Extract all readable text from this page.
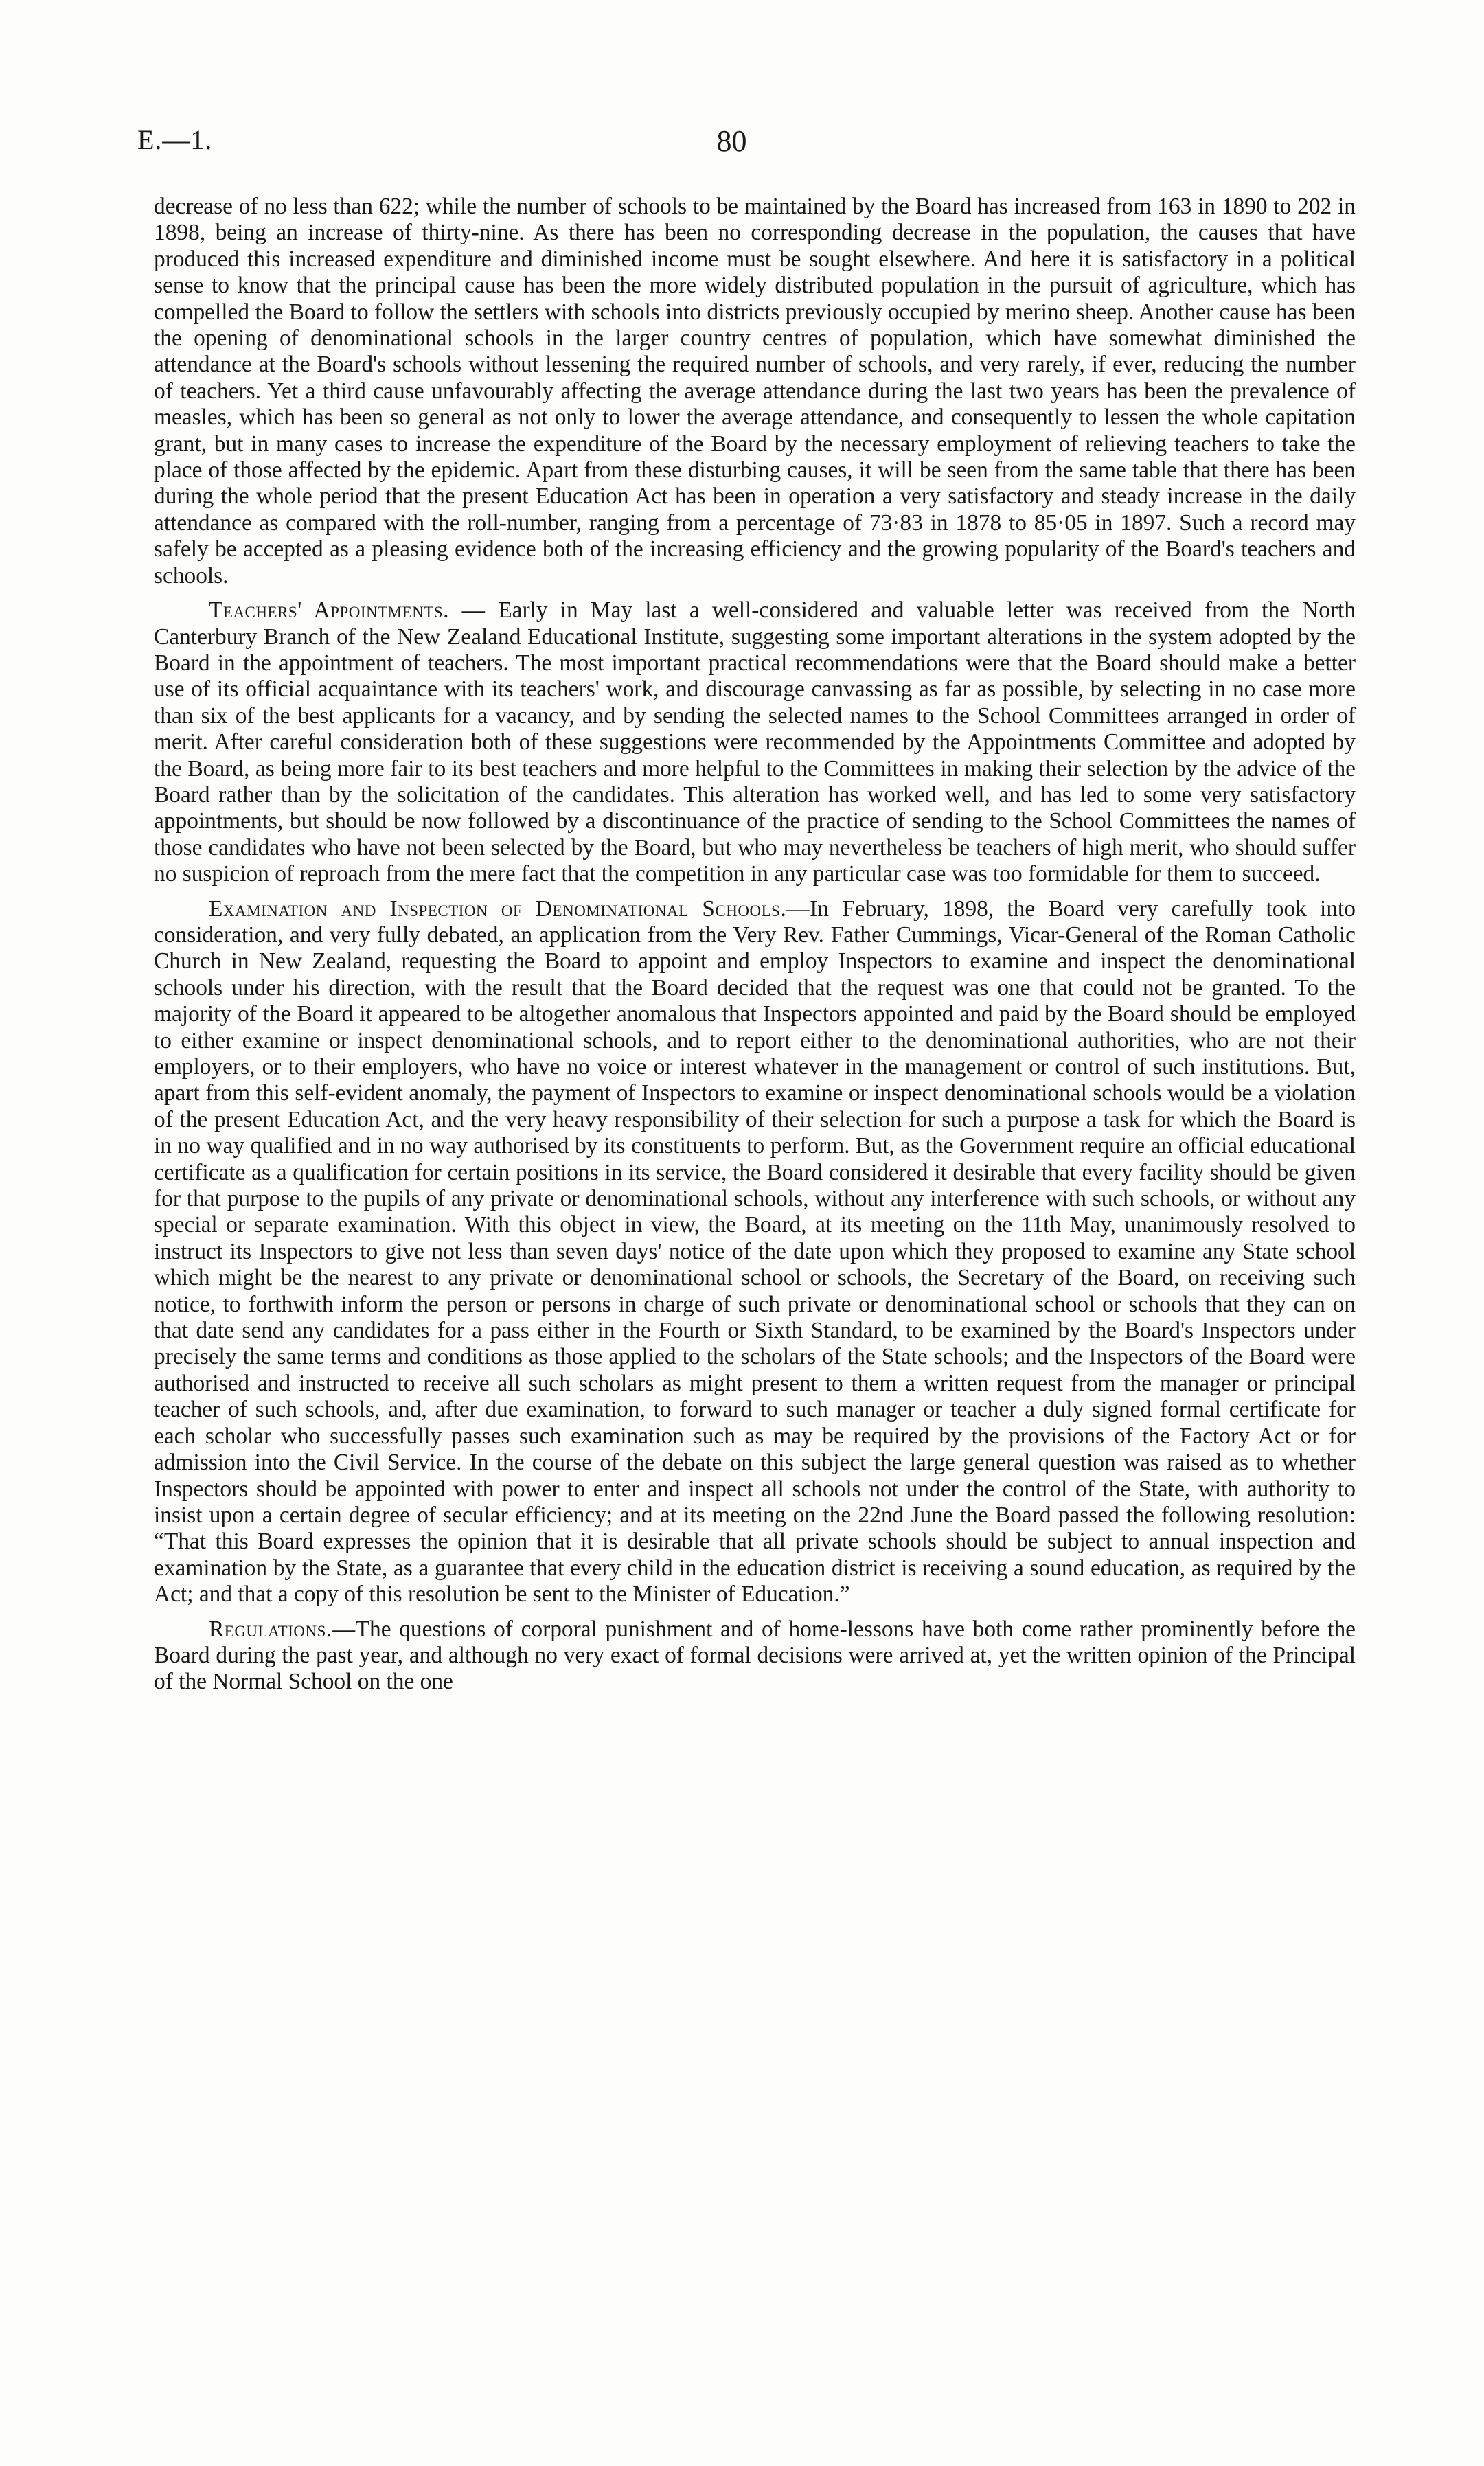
E.—1.	80

decrease of no less than 622; while the number of schools to be maintained by the Board has increased from 163 in 1890 to 202 in 1898, being an increase of thirty-nine. As there has been no corresponding decrease in the population, the causes that have produced this increased expenditure and diminished income must be sought elsewhere. And here it is satisfactory in a political sense to know that the principal cause has been the more widely distributed population in the pursuit of agriculture, which has compelled the Board to follow the settlers with schools into districts previously occupied by merino sheep. Another cause has been the opening of denominational schools in the larger country centres of population, which have somewhat diminished the attendance at the Board's schools without lessening the required number of schools, and very rarely, if ever, reducing the number of teachers. Yet a third cause unfavourably affecting the average attendance during the last two years has been the prevalence of measles, which has been so general as not only to lower the average attendance, and consequently to lessen the whole capitation grant, but in many cases to increase the expenditure of the Board by the necessary employment of relieving teachers to take the place of those affected by the epidemic. Apart from these disturbing causes, it will be seen from the same table that there has been during the whole period that the present Education Act has been in operation a very satisfactory and steady increase in the daily attendance as compared with the roll-number, ranging from a percentage of 73·83 in 1878 to 85·05 in 1897. Such a record may safely be accepted as a pleasing evidence both of the increasing efficiency and the growing popularity of the Board's teachers and schools.

Teachers' Appointments. — Early in May last a well-considered and valuable letter was received from the North Canterbury Branch of the New Zealand Educational Institute, suggesting some important alterations in the system adopted by the Board in the appointment of teachers. The most important practical recommendations were that the Board should make a better use of its official acquaintance with its teachers' work, and discourage canvassing as far as possible, by selecting in no case more than six of the best applicants for a vacancy, and by sending the selected names to the School Committees arranged in order of merit. After careful consideration both of these suggestions were recommended by the Appointments Committee and adopted by the Board, as being more fair to its best teachers and more helpful to the Committees in making their selection by the advice of the Board rather than by the solicitation of the candidates. This alteration has worked well, and has led to some very satisfactory appointments, but should be now followed by a discontinuance of the practice of sending to the School Committees the names of those candidates who have not been selected by the Board, but who may nevertheless be teachers of high merit, who should suffer no suspicion of reproach from the mere fact that the competition in any particular case was too formidable for them to succeed.

Examination and Inspection of Denominational Schools.—In February, 1898, the Board very carefully took into consideration, and very fully debated, an application from the Very Rev. Father Cummings, Vicar-General of the Roman Catholic Church in New Zealand, requesting the Board to appoint and employ Inspectors to examine and inspect the denominational schools under his direction, with the result that the Board decided that the request was one that could not be granted. To the majority of the Board it appeared to be altogether anomalous that Inspectors appointed and paid by the Board should be employed to either examine or inspect denominational schools, and to report either to the denominational authorities, who are not their employers, or to their employers, who have no voice or interest whatever in the management or control of such institutions. But, apart from this self-evident anomaly, the payment of Inspectors to examine or inspect denominational schools would be a violation of the present Education Act, and the very heavy responsibility of their selection for such a purpose a task for which the Board is in no way qualified and in no way authorised by its constituents to perform. But, as the Government require an official educational certificate as a qualification for certain positions in its service, the Board considered it desirable that every facility should be given for that purpose to the pupils of any private or denominational schools, without any interference with such schools, or without any special or separate examination. With this object in view, the Board, at its meeting on the 11th May, unanimously resolved to instruct its Inspectors to give not less than seven days' notice of the date upon which they proposed to examine any State school which might be the nearest to any private or denominational school or schools, the Secretary of the Board, on receiving such notice, to forthwith inform the person or persons in charge of such private or denominational school or schools that they can on that date send any candidates for a pass either in the Fourth or Sixth Standard, to be examined by the Board's Inspectors under precisely the same terms and conditions as those applied to the scholars of the State schools; and the Inspectors of the Board were authorised and instructed to receive all such scholars as might present to them a written request from the manager or principal teacher of such schools, and, after due examination, to forward to such manager or teacher a duly signed formal certificate for each scholar who successfully passes such examination such as may be required by the provisions of the Factory Act or for admission into the Civil Service. In the course of the debate on this subject the large general question was raised as to whether Inspectors should be appointed with power to enter and inspect all schools not under the control of the State, with authority to insist upon a certain degree of secular efficiency; and at its meeting on the 22nd June the Board passed the following resolution: “That this Board expresses the opinion that it is desirable that all private schools should be subject to annual inspection and examination by the State, as a guarantee that every child in the education district is receiving a sound education, as required by the Act; and that a copy of this resolution be sent to the Minister of Education.”

Regulations.—The questions of corporal punishment and of home-lessons have both come rather prominently before the Board during the past year, and although no very exact of formal decisions were arrived at, yet the written opinion of the Principal of the Normal School on the one
